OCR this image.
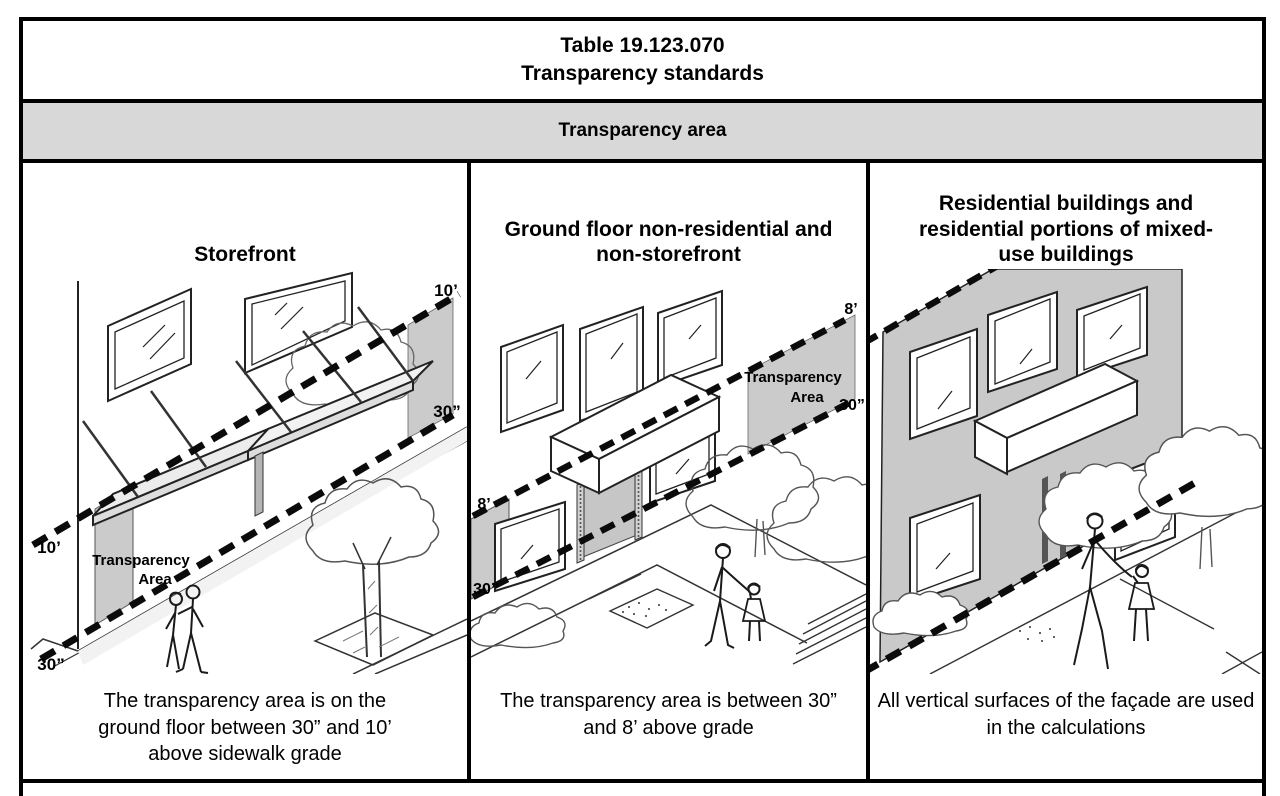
Table 19.123.070
Transparency standards
Transparency area
Storefront
10’
30”
10’
30”
Transparency
Area
The transparency area is on the ground floor between 30” and 10’ above sidewalk grade
Ground floor non-residential and non-storefront
8’
30”
8’
30”
Transparency
Area
The transparency area is between 30” and 8’ above grade
Residential buildings and residential portions of mixed-use buildings
All vertical surfaces of the façade are used in the calculations
